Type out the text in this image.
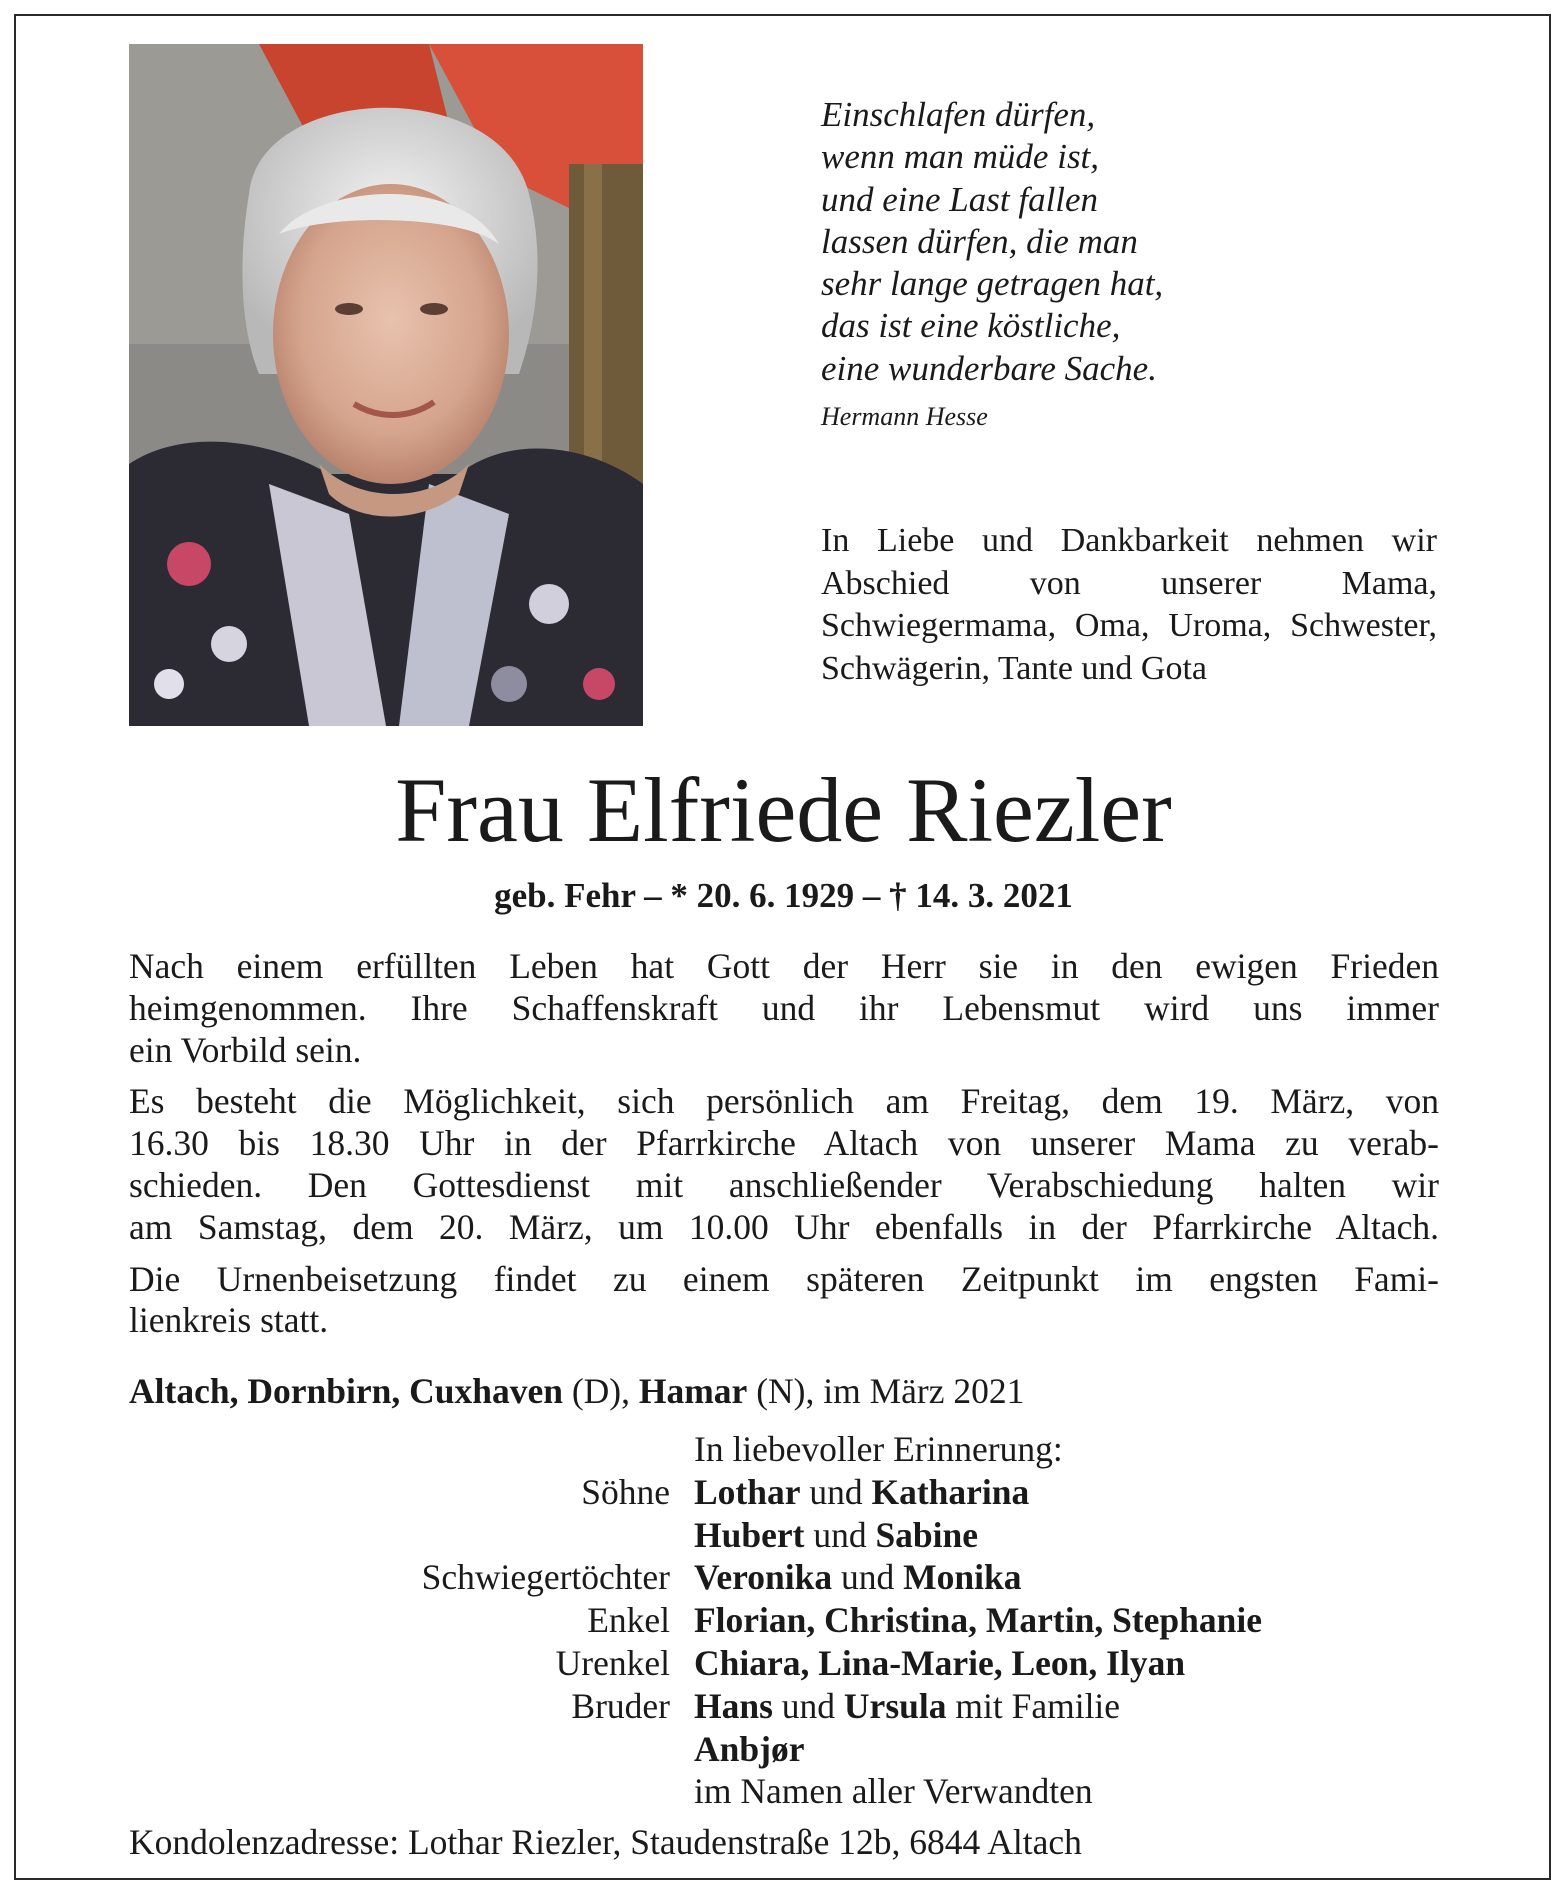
Einschlafen dürfen,
wenn man müde ist,
und eine Last fallen
lassen dürfen, die man
sehr lange getragen hat,
das ist eine köstliche,
eine wunderbare Sache.
Hermann Hesse
In Liebe und Dankbarkeit nehmen wir Abschied von unserer Mama, Schwiegermama, Oma, Uroma, Schwester, Schwägerin, Tante und Gota
Frau Elfriede Riezler
geb. Fehr – * 20. 6. 1929 – † 14. 3. 2021

Nach einem erfüllten Leben hat Gott der Herr sie in den ewigen Frieden
heimgenommen. Ihre Schaffenskraft und ihr Lebensmut wird uns immer
ein Vorbild sein.

Es besteht die Möglichkeit, sich persönlich am Freitag, dem 19. März, von
16.30 bis 18.30 Uhr in der Pfarrkirche Altach von unserer Mama zu verab-
schieden. Den Gottesdienst mit anschließender Verabschiedung halten wir
am Samstag, dem 20. März, um 10.00 Uhr ebenfalls in der Pfarrkirche Altach.

Die Urnenbeisetzung findet zu einem späteren Zeitpunkt im engsten Fami-
lienkreis statt.

Altach, Dornbirn, Cuxhaven (D), Hamar (N), im März 2021
In liebevoller Erinnerung:
Söhne Lothar und Katharina
Hubert und Sabine
Schwiegertöchter Veronika und Monika
Enkel Florian, Christina, Martin, Stephanie
Urenkel Chiara, Lina-Marie, Leon, Ilyan
Bruder Hans und Ursula mit Familie
Anbjør
im Namen aller Verwandten
Kondolenzadresse: Lothar Riezler, Staudenstraße 12b, 6844 Altach
